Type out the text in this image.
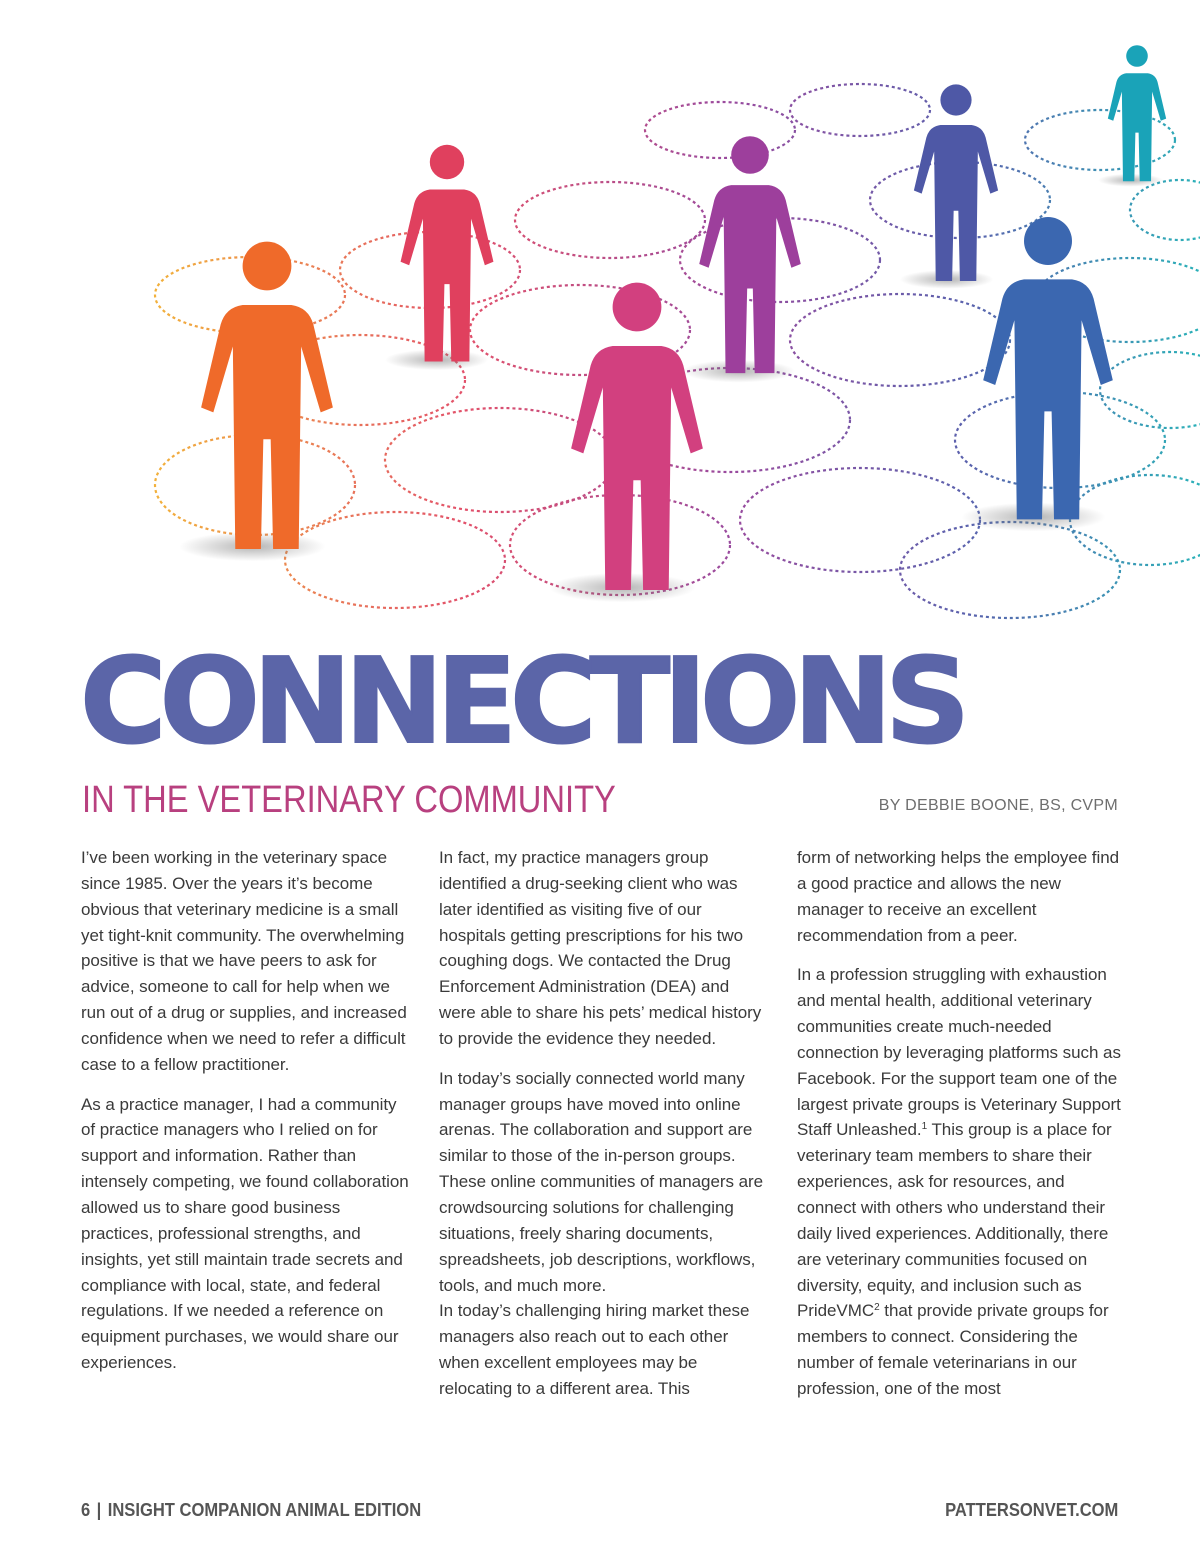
CONNECTIONS
IN THE VETERINARY COMMUNITY	BY DEBBIE BOONE, BS, CVPM

I’ve been working in the veterinary space since 1985. Over the years it’s become obvious that veterinary medicine is a small yet tight-knit community. The overwhelming positive is that we have peers to ask for advice, someone to call for help when we run out of a drug or supplies, and increased confidence when we need to refer a difficult case to a fellow practitioner.

As a practice manager, I had a community of practice managers who I relied on for support and information. Rather than intensely competing, we found collaboration allowed us to share good business practices, professional strengths, and insights, yet still maintain trade secrets and compliance with local, state, and federal regulations. If we needed a reference on equipment purchases, we would share our experiences.

In fact, my practice managers group identified a drug-seeking client who was later identified as visiting five of our hospitals getting prescriptions for his two coughing dogs. We contacted the Drug Enforcement Administration (DEA) and were able to share his pets’ medical history to provide the evidence they needed.

In today’s socially connected world many manager groups have moved into online arenas. The collaboration and support are similar to those of the in-person groups. These online communities of managers are crowdsourcing solutions for challenging situations, freely sharing documents, spreadsheets, job descriptions, workflows, tools, and much more.

In today’s challenging hiring market these managers also reach out to each other when excellent employees may be relocating to a different area. This

form of networking helps the employee find a good practice and allows the new manager to receive an excellent recommendation from a peer.

In a profession struggling with exhaustion and mental health, additional veterinary communities create much-needed connection by leveraging platforms such as Facebook. For the support team one of the largest private groups is Veterinary Support Staff Unleashed.$^1$ This group is a place for veterinary team members to share their experiences, ask for resources, and connect with others who understand their daily lived experiences. Additionally, there are veterinary communities focused on diversity, equity, and inclusion such as PrideVMC$^2$ that provide private groups for members to connect. Considering the number of female veterinarians in our profession, one of the most

6 | INSIGHT COMPANION ANIMAL EDITION	PATTERSONVET.COM
